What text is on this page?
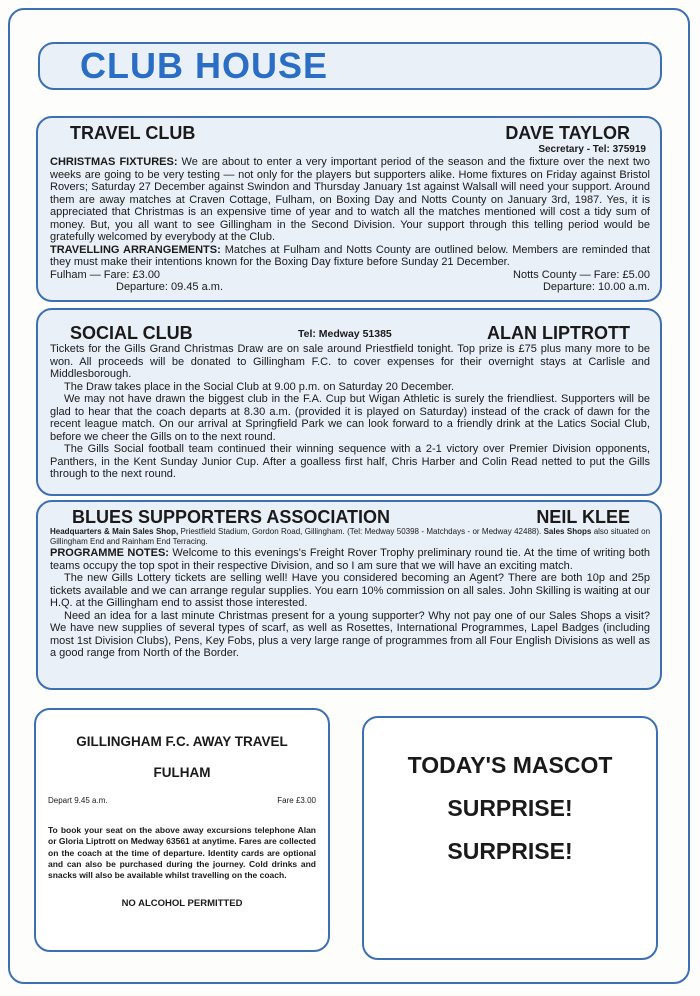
CLUB HOUSE
TRAVEL CLUB	DAVE TAYLOR
Secretary - Tel: 375919

CHRISTMAS FIXTURES: We are about to enter a very important period of the season and the fixture over the next two weeks are going to be very testing — not only for the players but supporters alike. Home fixtures on Friday against Bristol Rovers; Saturday 27 December against Swindon and Thursday January 1st against Walsall will need your support. Around them are away matches at Craven Cottage, Fulham, on Boxing Day and Notts County on January 3rd, 1987. Yes, it is appreciated that Christmas is an expensive time of year and to watch all the matches mentioned will cost a tidy sum of money. But, you all want to see Gillingham in the Second Division. Your support through this telling period would be gratefully welcomed by everybody at the Club.

TRAVELLING ARRANGEMENTS: Matches at Fulham and Notts County are outlined below. Members are reminded that they must make their intentions known for the Boxing Day fixture before Sunday 21 December.

Fulham — Fare: £3.00	Notts County — Fare: £5.00
Departure: 09.45 a.m.	Departure: 10.00 a.m.
SOCIAL CLUB	Tel: Medway 51385	ALAN LIPTROTT

Tickets for the Gills Grand Christmas Draw are on sale around Priestfield tonight. Top prize is £75 plus many more to be won. All proceeds will be donated to Gillingham F.C. to cover expenses for their overnight stays at Carlisle and Middlesborough.

The Draw takes place in the Social Club at 9.00 p.m. on Saturday 20 December.

We may not have drawn the biggest club in the F.A. Cup but Wigan Athletic is surely the friendliest. Supporters will be glad to hear that the coach departs at 8.30 a.m. (provided it is played on Saturday) instead of the crack of dawn for the recent league match. On our arrival at Springfield Park we can look forward to a friendly drink at the Latics Social Club, before we cheer the Gills on to the next round.

The Gills Social football team continued their winning sequence with a 2-1 victory over Premier Division opponents, Panthers, in the Kent Sunday Junior Cup. After a goalless first half, Chris Harber and Colin Read netted to put the Gills through to the next round.

BLUES SUPPORTERS ASSOCIATION	NEIL KLEE

Headquarters & Main Sales Shop, Priestfield Stadium, Gordon Road, Gillingham. (Tel: Medway 50398 - Matchdays - or Medway 42488). Sales Shops also situated on Gillingham End and Rainham End Terracing.

PROGRAMME NOTES: Welcome to this evenings's Freight Rover Trophy preliminary round tie. At the time of writing both teams occupy the top spot in their respective Division, and so I am sure that we will have an exciting match.

The new Gills Lottery tickets are selling well! Have you considered becoming an Agent? There are both 10p and 25p tickets available and we can arrange regular supplies. You earn 10% commission on all sales. John Skilling is waiting at our H.Q. at the Gillingham end to assist those interested.

Need an idea for a last minute Christmas present for a young supporter? Why not pay one of our Sales Shops a visit? We have new supplies of several types of scarf, as well as Rosettes, International Programmes, Lapel Badges (including most 1st Division Clubs), Pens, Key Fobs, plus a very large range of programmes from all Four English Divisions as well as a good range from North of the Border.

GILLINGHAM F.C. AWAY TRAVEL
FULHAM
Depart 9.45 a.m.	Fare £3.00
To book your seat on the above away excursions telephone Alan or Gloria Liptrott on Medway 63561 at anytime. Fares are collected on the coach at the time of departure. Identity cards are optional and can also be purchased during the journey. Cold drinks and snacks will also be available whilst travelling on the coach.
NO ALCOHOL PERMITTED
TODAY'S MASCOT
SURPRISE!
SURPRISE!
